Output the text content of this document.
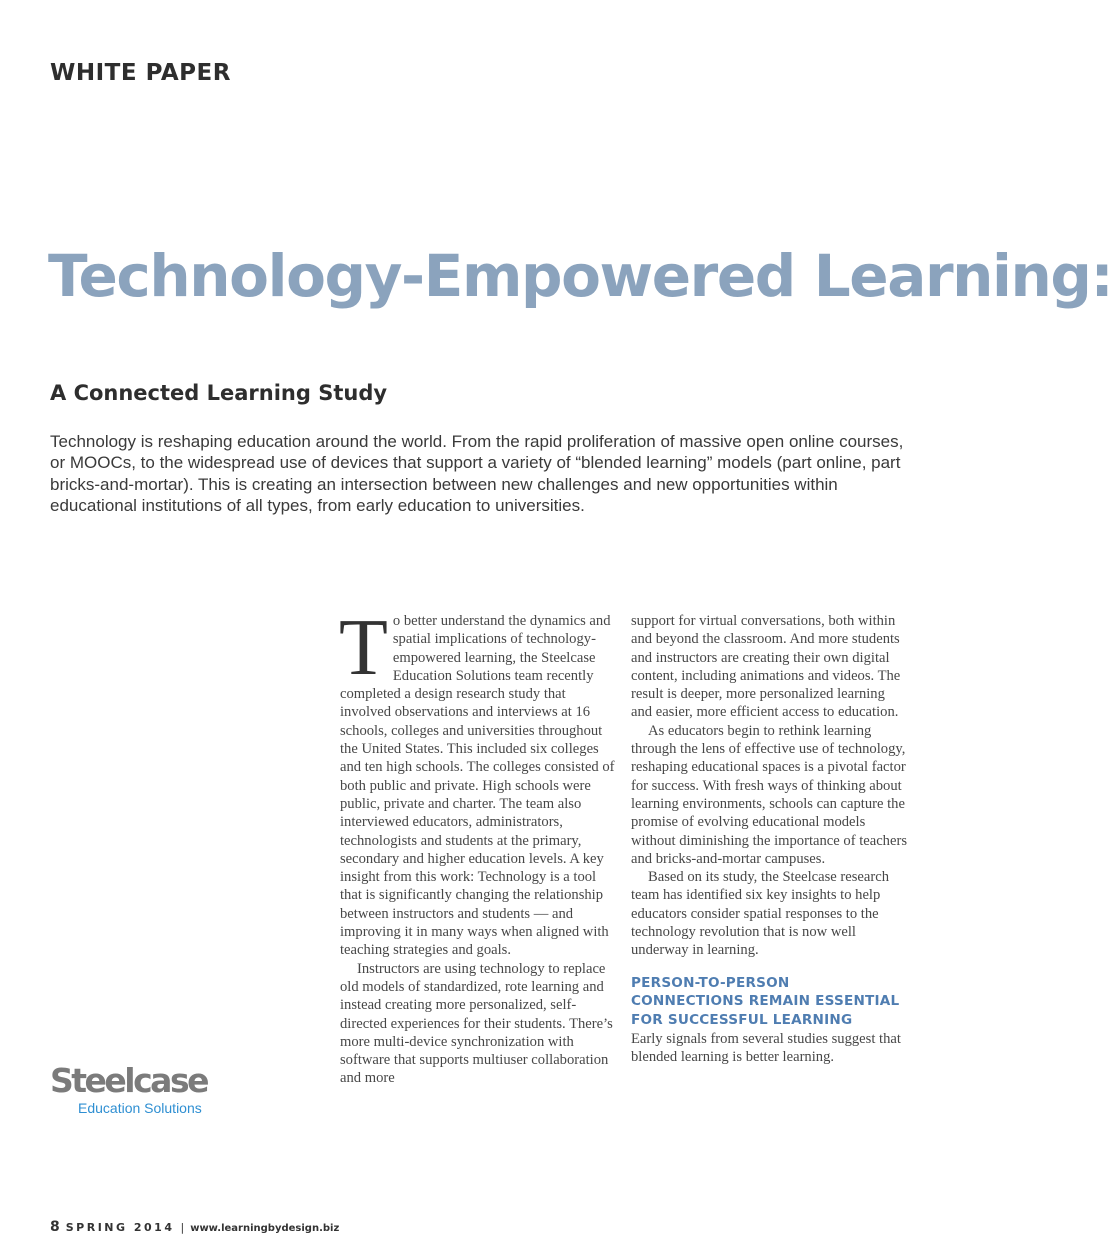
WHITE PAPER
Technology-Empowered Learning:
A Connected Learning Study
Technology is reshaping education around the world. From the rapid proliferation of massive open online courses, or MOOCs, to the widespread use of devices that support a variety of “blended learning” models (part online, part bricks-and-mortar). This is creating an intersection between new challenges and new opportunities within educational institutions of all types, from early education to universities.

To better understand the dynamics and spatial implications of technology-empowered learning, the Steelcase Education Solutions team recently completed a design research study that involved observations and interviews at 16 schools, colleges and universities throughout the United States. This included six colleges and ten high schools. The colleges consisted of both public and private. High schools were public, private and charter. The team also interviewed educators, administrators, technologists and students at the primary, secondary and higher education levels. A key insight from this work: Technology is a tool that is significantly changing the relationship between instructors and students — and improving it in many ways when aligned with teaching strategies and goals.

Instructors are using technology to replace old models of standardized, rote learning and instead creating more personalized, self-directed experiences for their students. There’s more multi-device synchronization with software that supports multiuser collaboration and more

support for virtual conversations, both within and beyond the classroom. And more students and instructors are creating their own digital content, including animations and videos. The result is deeper, more personalized learning and easier, more efficient access to education.

As educators begin to rethink learning through the lens of effective use of technology, reshaping educational spaces is a pivotal factor for success. With fresh ways of thinking about learning environments, schools can capture the promise of evolving educational models without diminishing the importance of teachers and bricks-and-mortar campuses.

Based on its study, the Steelcase research team has identified six key insights to help educators consider spatial responses to the technology revolution that is now well underway in learning.

PERSON-TO-PERSON CONNECTIONS REMAIN ESSENTIAL FOR SUCCESSFUL LEARNING

Early signals from several studies suggest that blended learning is better learning.

Steelcase
Education Solutions
8 SPRING 2014 | www.learningbydesign.biz
